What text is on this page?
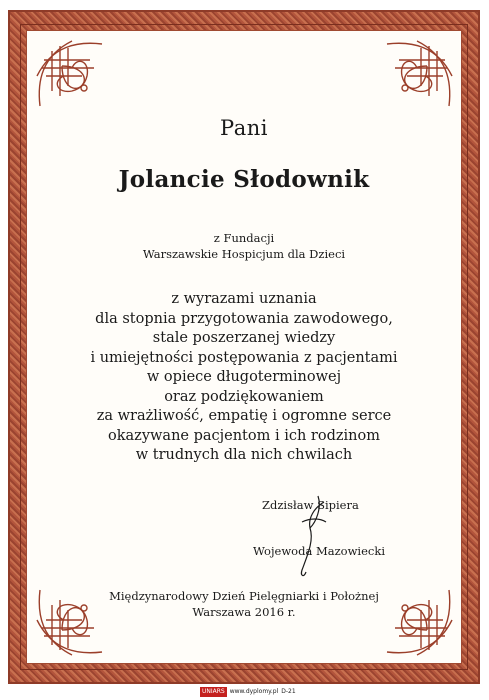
Pani
Jolancie Słodownik
z Fundacji
Warszawskie Hospicjum dla Dzieci
z wyrazami uznania
dla stopnia przygotowania zawodowego,
stale poszerzanej wiedzy
i umiejętności postępowania z pacjentami
w opiece długoterminowej
oraz podziękowaniem
za wrażliwość, empatię i ogromne serce
okazywane pacjentom i ich rodzinom
w trudnych dla nich chwilach
Zdzisław Sipiera
Wojewoda Mazowiecki
Międzynarodowy Dzień Pielęgniarki i Położnej
Warszawa 2016 r.
UNIARS www.dyplomy.pl D-21
